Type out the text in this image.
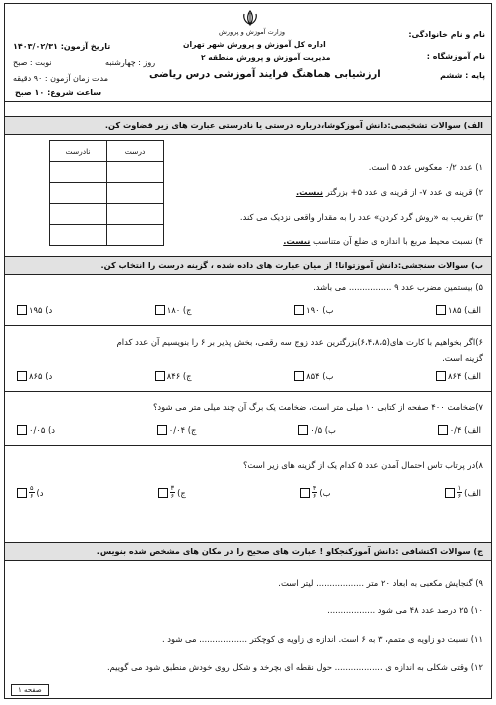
وزارت آموزش و پرورش
اداره کل آموزش و پرورش شهر تهران
مدیریت آموزش و پرورش منطقه ۲
ارزشیابی هماهنگ فرایند آموزشی درس ریاضی
نام و نام خانوادگی:
نام آموزشگاه :
پایه : ششم
تاریخ آزمون: ۱۴۰۳/۰۲/۳۱
روز : چهارشنبه
نوبت : صبح
مدت زمان آزمون : ۹۰ دقیقه
ساعت شروع: ۱۰ صبح
الف) سوالات تشخیصی:دانش آموزکوشا،درباره درستی یا نادرستی عبارت های زیر قضاوت کن.
نادرست	درست

۱) عدد ۰/۲ معکوس عدد ۵ است.
۲) قرینه ی عدد ۷- از قرینه ی عدد ۵+ بزرگتر نیست.
۳) تقریب به «روش گرد کردن» عدد را به مقدار واقعی نزدیک می کند.
۴) نسبت محیط مربع با اندازه ی ضلع آن متناسب نیست.
ب) سوالات سنجشی:دانش آموزتوانا! از میان عبارت های داده شده ، گزینه درست را انتخاب کن.
۵) بیستمین مضرب عدد ۹ ................ می باشد.
الف) ۱۸۵
ب) ۱۹۰
ج) ۱۸۰
د) ۱۹۵
۶)اگر بخواهیم با کارت های(۶،۴،۸،۵)بزرگترین عدد زوج سه رقمی، بخش پذیر بر ۶ را بنویسیم آن عدد کدام
گزینه است.
الف) ۸۶۴
ب) ۸۵۴
ج) ۸۴۶
د) ۸۶۵
۷)ضخامت ۴۰۰ صفحه از کتابی ۱۰ میلی متر است، ضخامت یک برگ آن چند میلی متر می شود؟
الف) ۰/۴
ب) ۰/۵
ج) ۰/۰۴
د) ۰/۰۵
۸)در پرتاب تاس احتمال آمدن عدد ۵ کدام یک از گزینه های زیر است؟
الف)
$\frac{۱}{۶}$
ب)
$\frac{۴}{۶}$
ج)
$\frac{۳}{۶}$
د)
$\frac{۵}{۶}$
ج) سوالات اکتشافی :دانش آموزکنجکاو ! عبارت های صحیح را در مکان های مشخص شده بنویس.
۹) گنجایش مکعبی به ابعاد ۲۰ متر .................. لیتر است.
۱۰) ۲۵ درصد عدد ۴۸ می شود ..................
۱۱) نسبت دو زاویه ی متمم، ۳ به ۶ است. اندازه ی زاویه ی کوچکتر .................. می شود .
۱۲) وقتی شکلی به اندازه ی .................. حول نقطه ای بچرخد و شکل روی خودش منطبق شود می گوییم.
صفحه ۱
